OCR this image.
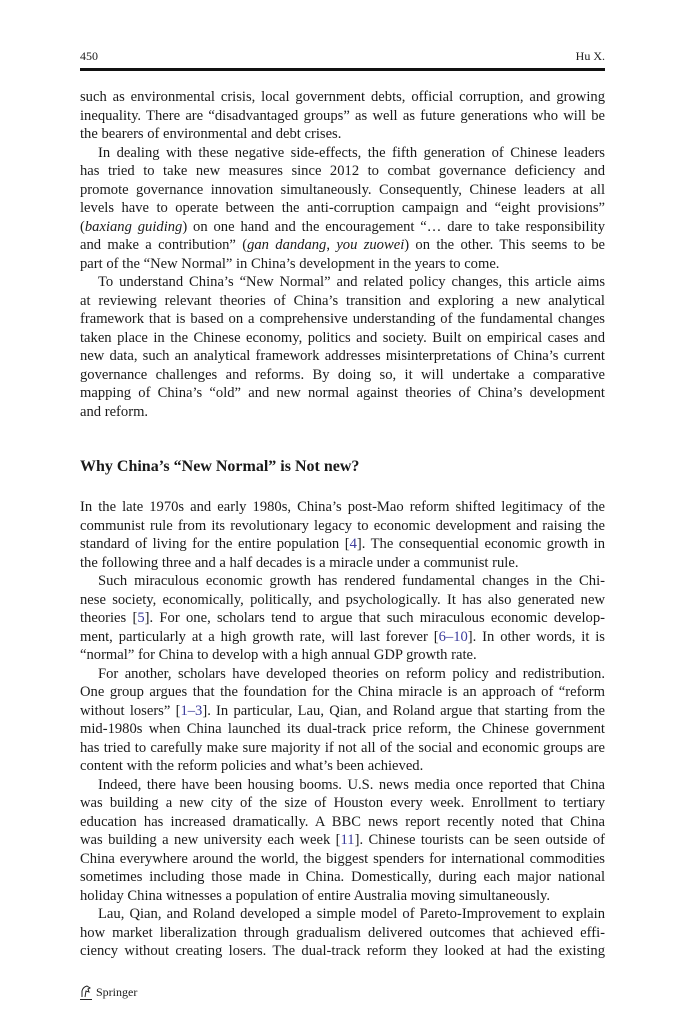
450	Hu X.
such as environmental crisis, local government debts, official corruption, and growing
inequality. There are “disadvantaged groups” as well as future generations who will be
the bearers of environmental and debt crises.
In dealing with these negative side-effects, the fifth generation of Chinese leaders
has tried to take new measures since 2012 to combat governance deficiency and
promote governance innovation simultaneously. Consequently, Chinese leaders at all
levels have to operate between the anti-corruption campaign and “eight provisions”
(baxiang guiding) on one hand and the encouragement “… dare to take responsibility
and make a contribution” (gan dandang, you zuowei) on the other. This seems to be
part of the “New Normal” in China’s development in the years to come.
To understand China’s “New Normal” and related policy changes, this article aims
at reviewing relevant theories of China’s transition and exploring a new analytical
framework that is based on a comprehensive understanding of the fundamental changes
taken place in the Chinese economy, politics and society. Built on empirical cases and
new data, such an analytical framework addresses misinterpretations of China’s current
governance challenges and reforms. By doing so, it will undertake a comparative
mapping of China’s “old” and new normal against theories of China’s development
and reform.
Why China’s “New Normal” is Not new?
In the late 1970s and early 1980s, China’s post-Mao reform shifted legitimacy of the
communist rule from its revolutionary legacy to economic development and raising the
standard of living for the entire population [4]. The consequential economic growth in
the following three and a half decades is a miracle under a communist rule.
Such miraculous economic growth has rendered fundamental changes in the Chi-
nese society, economically, politically, and psychologically. It has also generated new
theories [5]. For one, scholars tend to argue that such miraculous economic develop-
ment, particularly at a high growth rate, will last forever [6–10]. In other words, it is
“normal” for China to develop with a high annual GDP growth rate.
For another, scholars have developed theories on reform policy and redistribution.
One group argues that the foundation for the China miracle is an approach of “reform
without losers” [1–3]. In particular, Lau, Qian, and Roland argue that starting from the
mid-1980s when China launched its dual-track price reform, the Chinese government
has tried to carefully make sure majority if not all of the social and economic groups are
content with the reform policies and what’s been achieved.
Indeed, there have been housing booms. U.S. news media once reported that China
was building a new city of the size of Houston every week. Enrollment to tertiary
education has increased dramatically. A BBC news report recently noted that China
was building a new university each week [11]. Chinese tourists can be seen outside of
China everywhere around the world, the biggest spenders for international commodities
sometimes including those made in China. Domestically, during each major national
holiday China witnesses a population of entire Australia moving simultaneously.
Lau, Qian, and Roland developed a simple model of Pareto-Improvement to explain
how market liberalization through gradualism delivered outcomes that achieved effi-
ciency without creating losers. The dual-track reform they looked at had the existing
Springer
